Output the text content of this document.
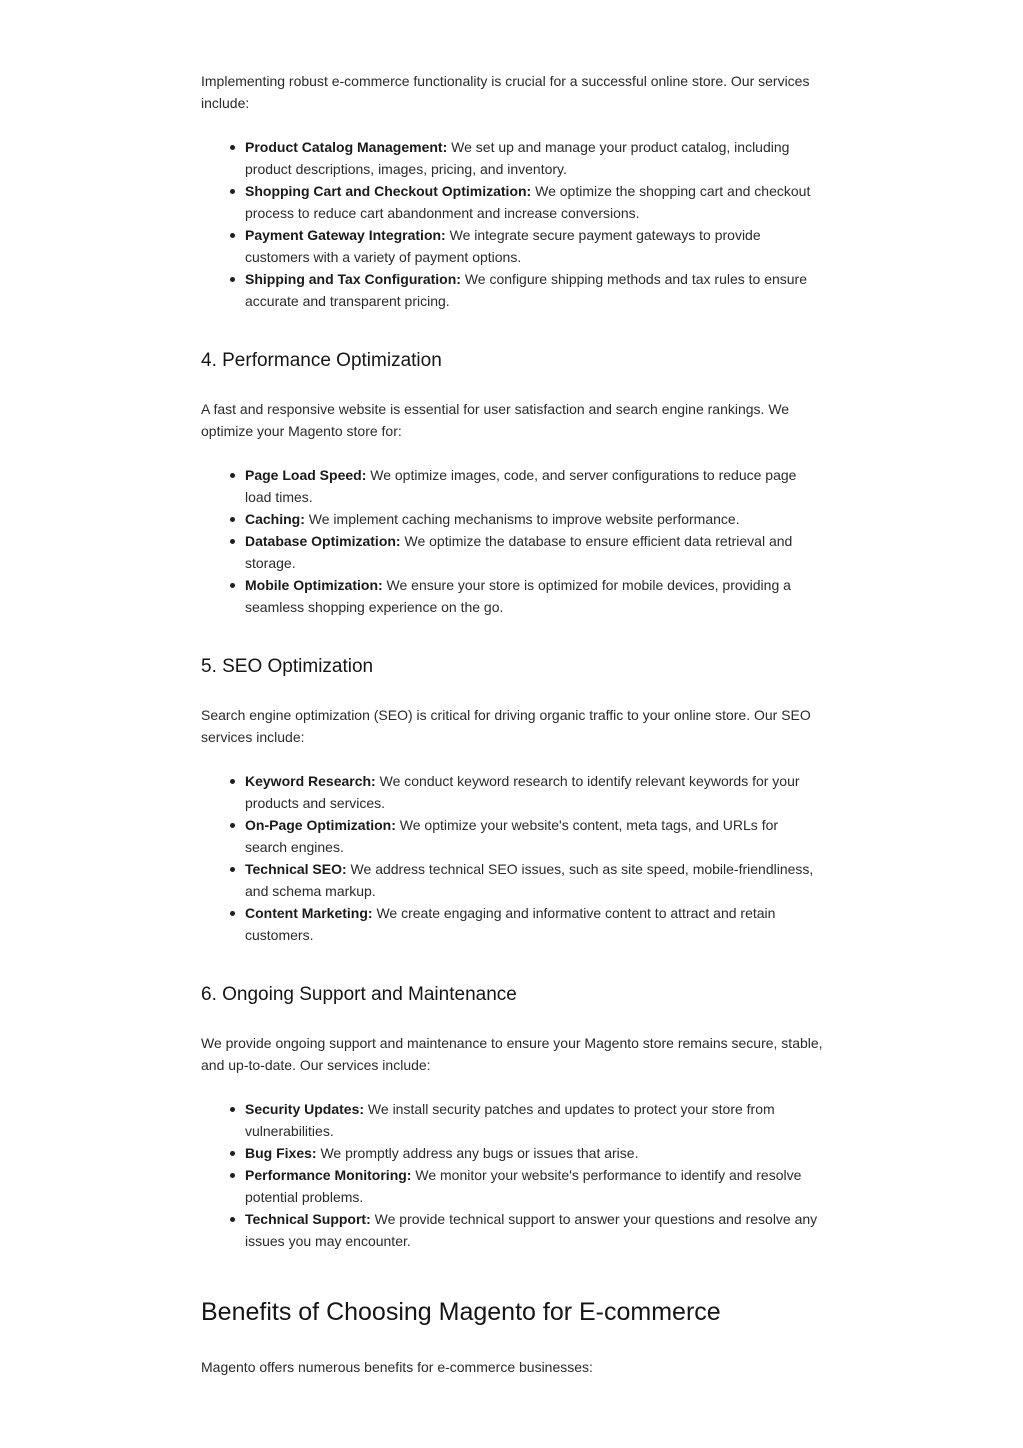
Implementing robust e-commerce functionality is crucial for a successful online store. Our services include:

Product Catalog Management: We set up and manage your product catalog, including product descriptions, images, pricing, and inventory.
Shopping Cart and Checkout Optimization: We optimize the shopping cart and checkout process to reduce cart abandonment and increase conversions.
Payment Gateway Integration: We integrate secure payment gateways to provide customers with a variety of payment options.
Shipping and Tax Configuration: We configure shipping methods and tax rules to ensure accurate and transparent pricing.
4. Performance Optimization

A fast and responsive website is essential for user satisfaction and search engine rankings. We optimize your Magento store for:

Page Load Speed: We optimize images, code, and server configurations to reduce page load times.
Caching: We implement caching mechanisms to improve website performance.
Database Optimization: We optimize the database to ensure efficient data retrieval and storage.
Mobile Optimization: We ensure your store is optimized for mobile devices, providing a seamless shopping experience on the go.
5. SEO Optimization

Search engine optimization (SEO) is critical for driving organic traffic to your online store. Our SEO services include:

Keyword Research: We conduct keyword research to identify relevant keywords for your products and services.
On-Page Optimization: We optimize your website's content, meta tags, and URLs for search engines.
Technical SEO: We address technical SEO issues, such as site speed, mobile-friendliness, and schema markup.
Content Marketing: We create engaging and informative content to attract and retain customers.
6. Ongoing Support and Maintenance

We provide ongoing support and maintenance to ensure your Magento store remains secure, stable, and up-to-date. Our services include:

Security Updates: We install security patches and updates to protect your store from vulnerabilities.
Bug Fixes: We promptly address any bugs or issues that arise.
Performance Monitoring: We monitor your website's performance to identify and resolve potential problems.
Technical Support: We provide technical support to answer your questions and resolve any issues you may encounter.
Benefits of Choosing Magento for E-commerce

Magento offers numerous benefits for e-commerce businesses:
